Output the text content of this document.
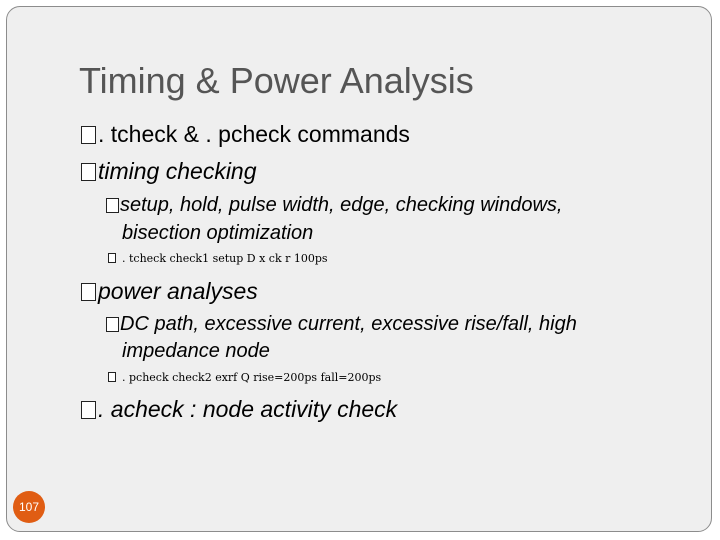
Timing & Power Analysis
. tcheck & . pcheck commands
timing checking
setup, hold, pulse width, edge, checking windows,
bisection optimization
. tcheck check1 setup D x ck r 100ps
power analyses
DC path, excessive current, excessive rise/fall, high
impedance node
. pcheck check2 exrf Q rise=200ps fall=200ps
. acheck : node activity check
107
